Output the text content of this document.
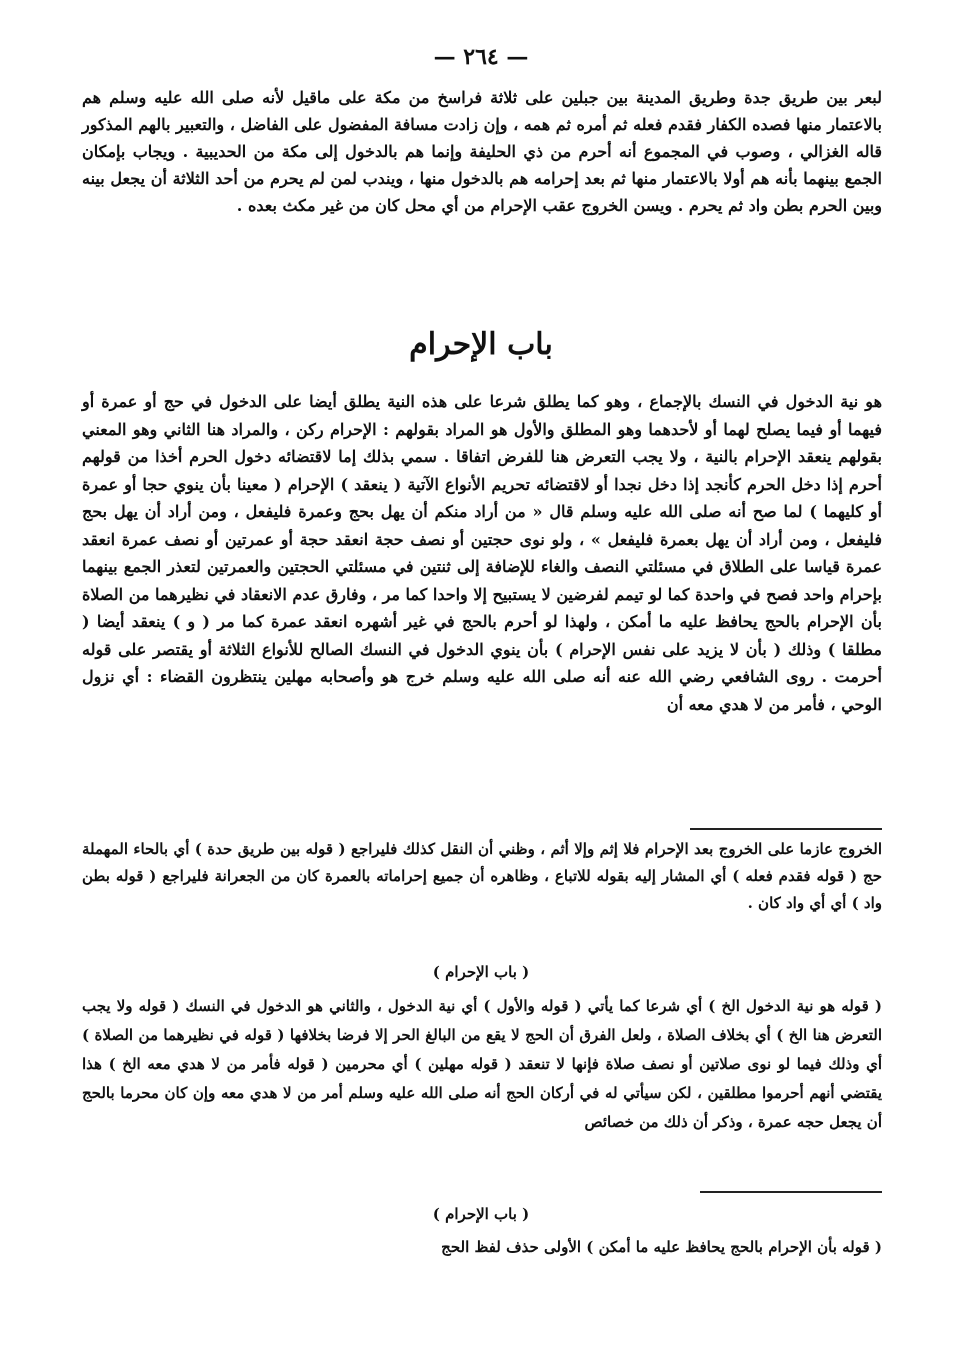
— ٢٦٤ —

لبعر بين طريق جدة وطريق المدينة بين جبلين على ثلاثة فراسخ من مكة على ماقيل لأنه صلى الله عليه وسلم هم بالاعتمار منها فصده الكفار فقدم فعله ثم أمره ثم همه ، وإن زادت مسافة المفضول على الفاضل ، والتعبير بالهم المذكور قاله الغزالي ، وصوب في المجموع أنه أحرم من ذي الحليفة وإنما هم بالدخول إلى مكة من الحديبية . ويجاب بإمكان الجمع بينهما بأنه هم أولا بالاعتمار منها ثم بعد إحرامه هم بالدخول منها ، ويندب لمن لم يحرم من أحد الثلاثة أن يجعل بينه وبين الحرم بطن واد ثم يحرم . ويسن الخروج عقب الإحرام من أي محل كان من غير مكث بعده .

باب الإحرام

هو نية الدخول في النسك بالإجماع ، وهو كما يطلق شرعا على هذه النية يطلق أيضا على الدخول في حج أو عمرة أو فيهما أو فيما يصلح لهما أو لأحدهما وهو المطلق والأول هو المراد بقولهم : الإحرام ركن ، والمراد هنا الثاني وهو المعني بقولهم ينعقد الإحرام بالنية ، ولا يجب التعرض هنا للفرض اتفاقا . سمي بذلك إما لاقتضائه دخول الحرم أخذا من قولهم أحرم إذا دخل الحرم كأنجد إذا دخل نجدا أو لاقتضائه تحريم الأنواع الآتية ( ينعقد ) الإحرام ( معينا بأن ينوي حجا أو عمرة أو كليهما ) لما صح أنه صلى الله عليه وسلم قال « من أراد منكم أن يهل بحج وعمرة فليفعل ، ومن أراد أن يهل بحج فليفعل ، ومن أراد أن يهل بعمرة فليفعل » ، ولو نوى حجتين أو نصف حجة انعقد حجة أو عمرتين أو نصف عمرة انعقد عمرة قياسا على الطلاق في مسئلتي النصف والغاء للإضافة إلى ثنتين في مسئلتي الحجتين والعمرتين لتعذر الجمع بينهما بإحرام واحد فصح في واحدة كما لو تيمم لفرضين لا يستبيح إلا واحدا كما مر ، وفارق عدم الانعقاد في نظيرهما من الصلاة بأن الإحرام بالحج يحافظ عليه ما أمكن ، ولهذا لو أحرم بالحج في غير أشهره انعقد عمرة كما مر ( و ) ينعقد أيضا ( مطلقا ) وذلك ( بأن لا يزيد على نفس الإحرام ) بأن ينوي الدخول في النسك الصالح للأنواع الثلاثة أو يقتصر على قوله أحرمت . روى الشافعي رضي الله عنه أنه صلى الله عليه وسلم خرج هو وأصحابه مهلين ينتظرون القضاء : أي نزول الوحي ، فأمر من لا هدي معه أن

الخروج عازما على الخروج بعد الإحرام فلا إثم وإلا أثم ، وظني أن النقل كذلك فليراجع ( قوله بين طريق حدة ) أي بالحاء المهملة حج ( قوله فقدم فعله ) أي المشار إليه بقوله للاتباع ، وظاهره أن جميع إحراماته بالعمرة كان من الجعرانة فليراجع ( قوله بطن واد ) أي أي واد كان .

( باب الإحرام )

( قوله هو نية الدخول الخ ) أي شرعا كما يأتي ( قوله والأول ) أي نية الدخول ، والثاني هو الدخول في النسك ( قوله ولا يجب التعرض هنا الخ ) أي بخلاف الصلاة ، ولعل الفرق أن الحج لا يقع من البالغ الحر إلا فرضا بخلافها ( قوله في نظيرهما من الصلاة ) أي وذلك فيما لو نوى صلاتين أو نصف صلاة فإنها لا تنعقد ( قوله مهلين ) أي محرمين ( قوله فأمر من لا هدي معه الخ ) هذا يقتضي أنهم أحرموا مطلقين ، لكن سيأتي له في أركان الحج أنه صلى الله عليه وسلم أمر من لا هدي معه وإن كان محرما بالحج أن يجعل حجه عمرة ، وذكر أن ذلك من خصائص

( باب الإحرام )

( قوله بأن الإحرام بالحج يحافظ عليه ما أمكن ) الأولى حذف لفظ الحج
